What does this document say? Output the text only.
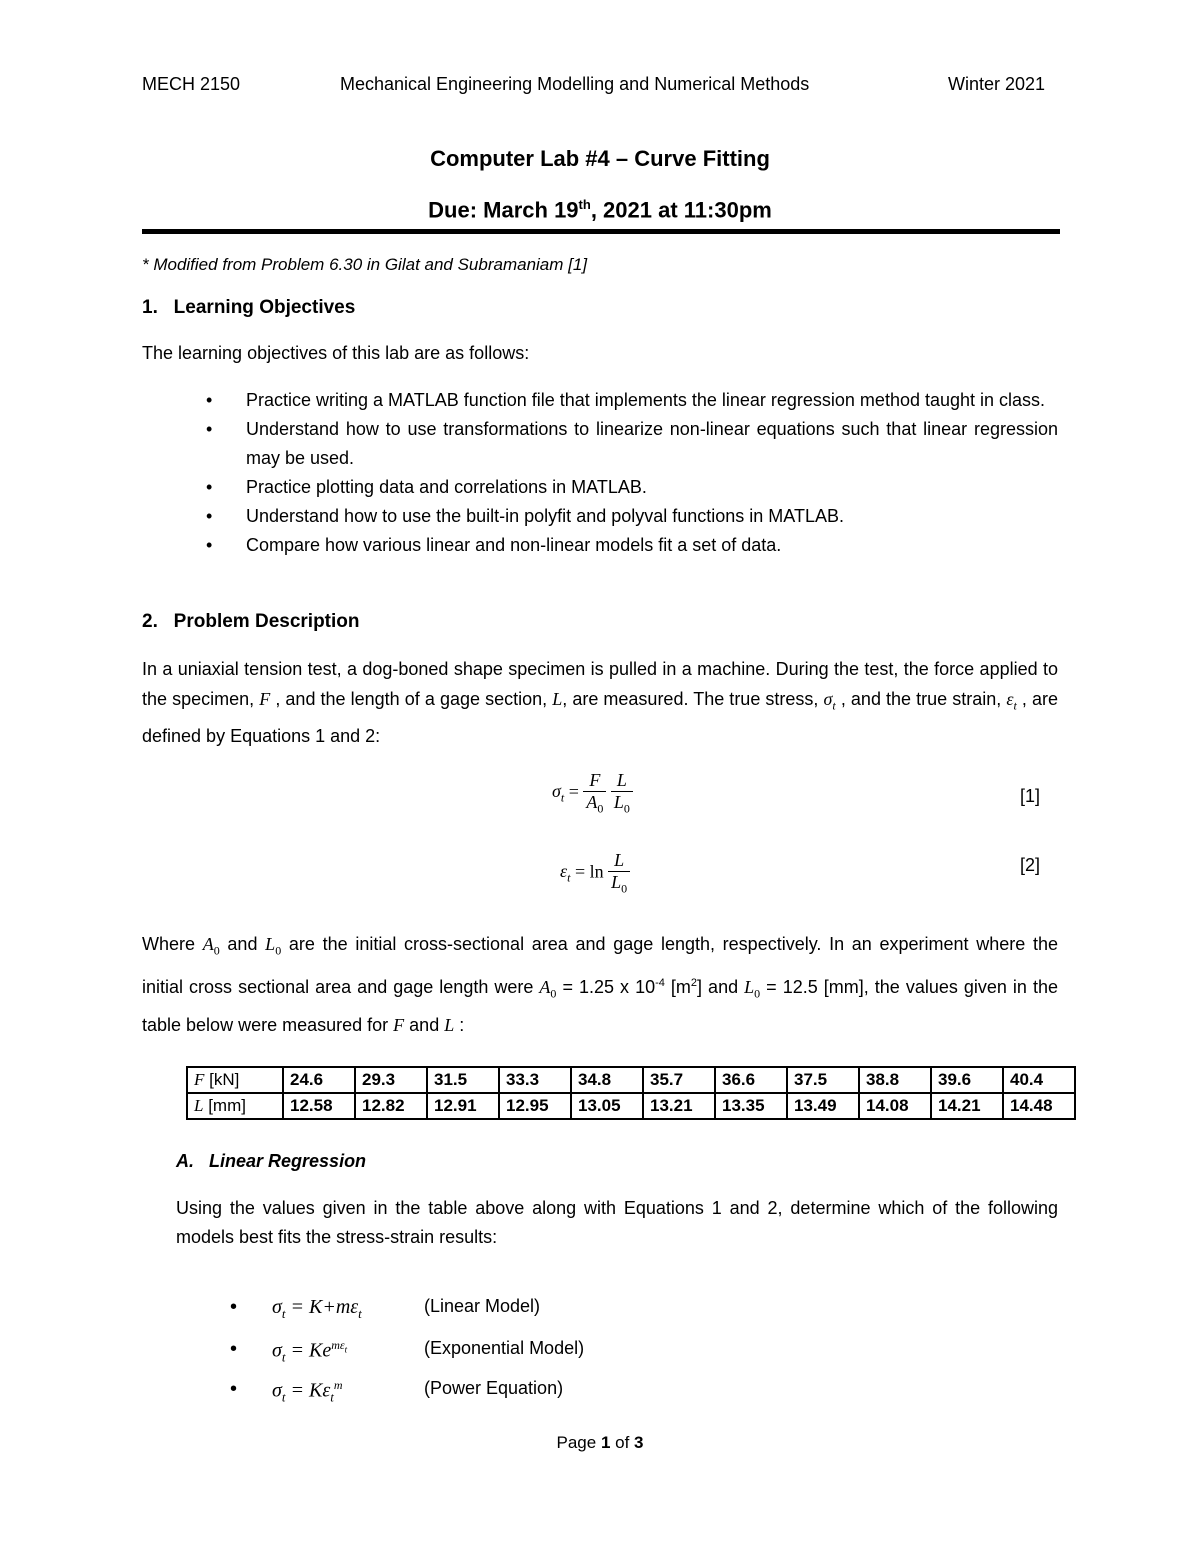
MECH 2150	Mechanical Engineering Modelling and Numerical Methods	Winter 2021
Computer Lab #4 – Curve Fitting
Due: March 19th, 2021 at 11:30pm
* Modified from Problem 6.30 in Gilat and Subramaniam [1]
1.   Learning Objectives
The learning objectives of this lab are as follows:
• Practice writing a MATLAB function file that implements the linear regression method taught in class.
• Understand how to use transformations to linearize non-linear equations such that linear regression may be used.
• Practice plotting data and correlations in MATLAB.
• Understand how to use the built-in polyfit and polyval functions in MATLAB.
• Compare how various linear and non-linear models fit a set of data.
2.   Problem Description

In a uniaxial tension test, a dog-boned shape specimen is pulled in a machine. During the test, the force applied to the specimen, F , and the length of a gage section, L, are measured. The true stress, $\sigma_t$ , and the true strain, $\varepsilon_t$ , are defined by Equations 1 and 2:

$\sigma_t = \frac{F}{A_0}$
$\frac{L}{L_0}$	[1]
$\varepsilon_t = \ln \frac{L}{L_0}$	[2]

Where $A_0$ and $L_0$ are the initial cross-sectional area and gage length, respectively. In an experiment where the initial cross sectional area and gage length were $A_0 = 1.25$ x $10^{-4}$ $[m^2]$ and $L_0 = 12.5$ [mm], the values given in the table below were measured for F and L :

F [kN]	24.6	29.3	31.5	33.3	34.8	35.7	36.6	37.5	38.8	39.6	40.4
L [mm]	12.58	12.82	12.91	12.95	13.05	13.21	13.35	13.49	14.08	14.21	14.48
A.   Linear Regression
Using the values given in the table above along with Equations 1 and 2, determine which of the following models best fits the stress-strain results:
• $\sigma_t = K+m\varepsilon_t$	(Linear Model)
• $\sigma_t = Ke^{m\varepsilon_t}$	(Exponential Model)
• $\sigma_t = K\varepsilon_t^m$	(Power Equation)
Page 1 of 3
